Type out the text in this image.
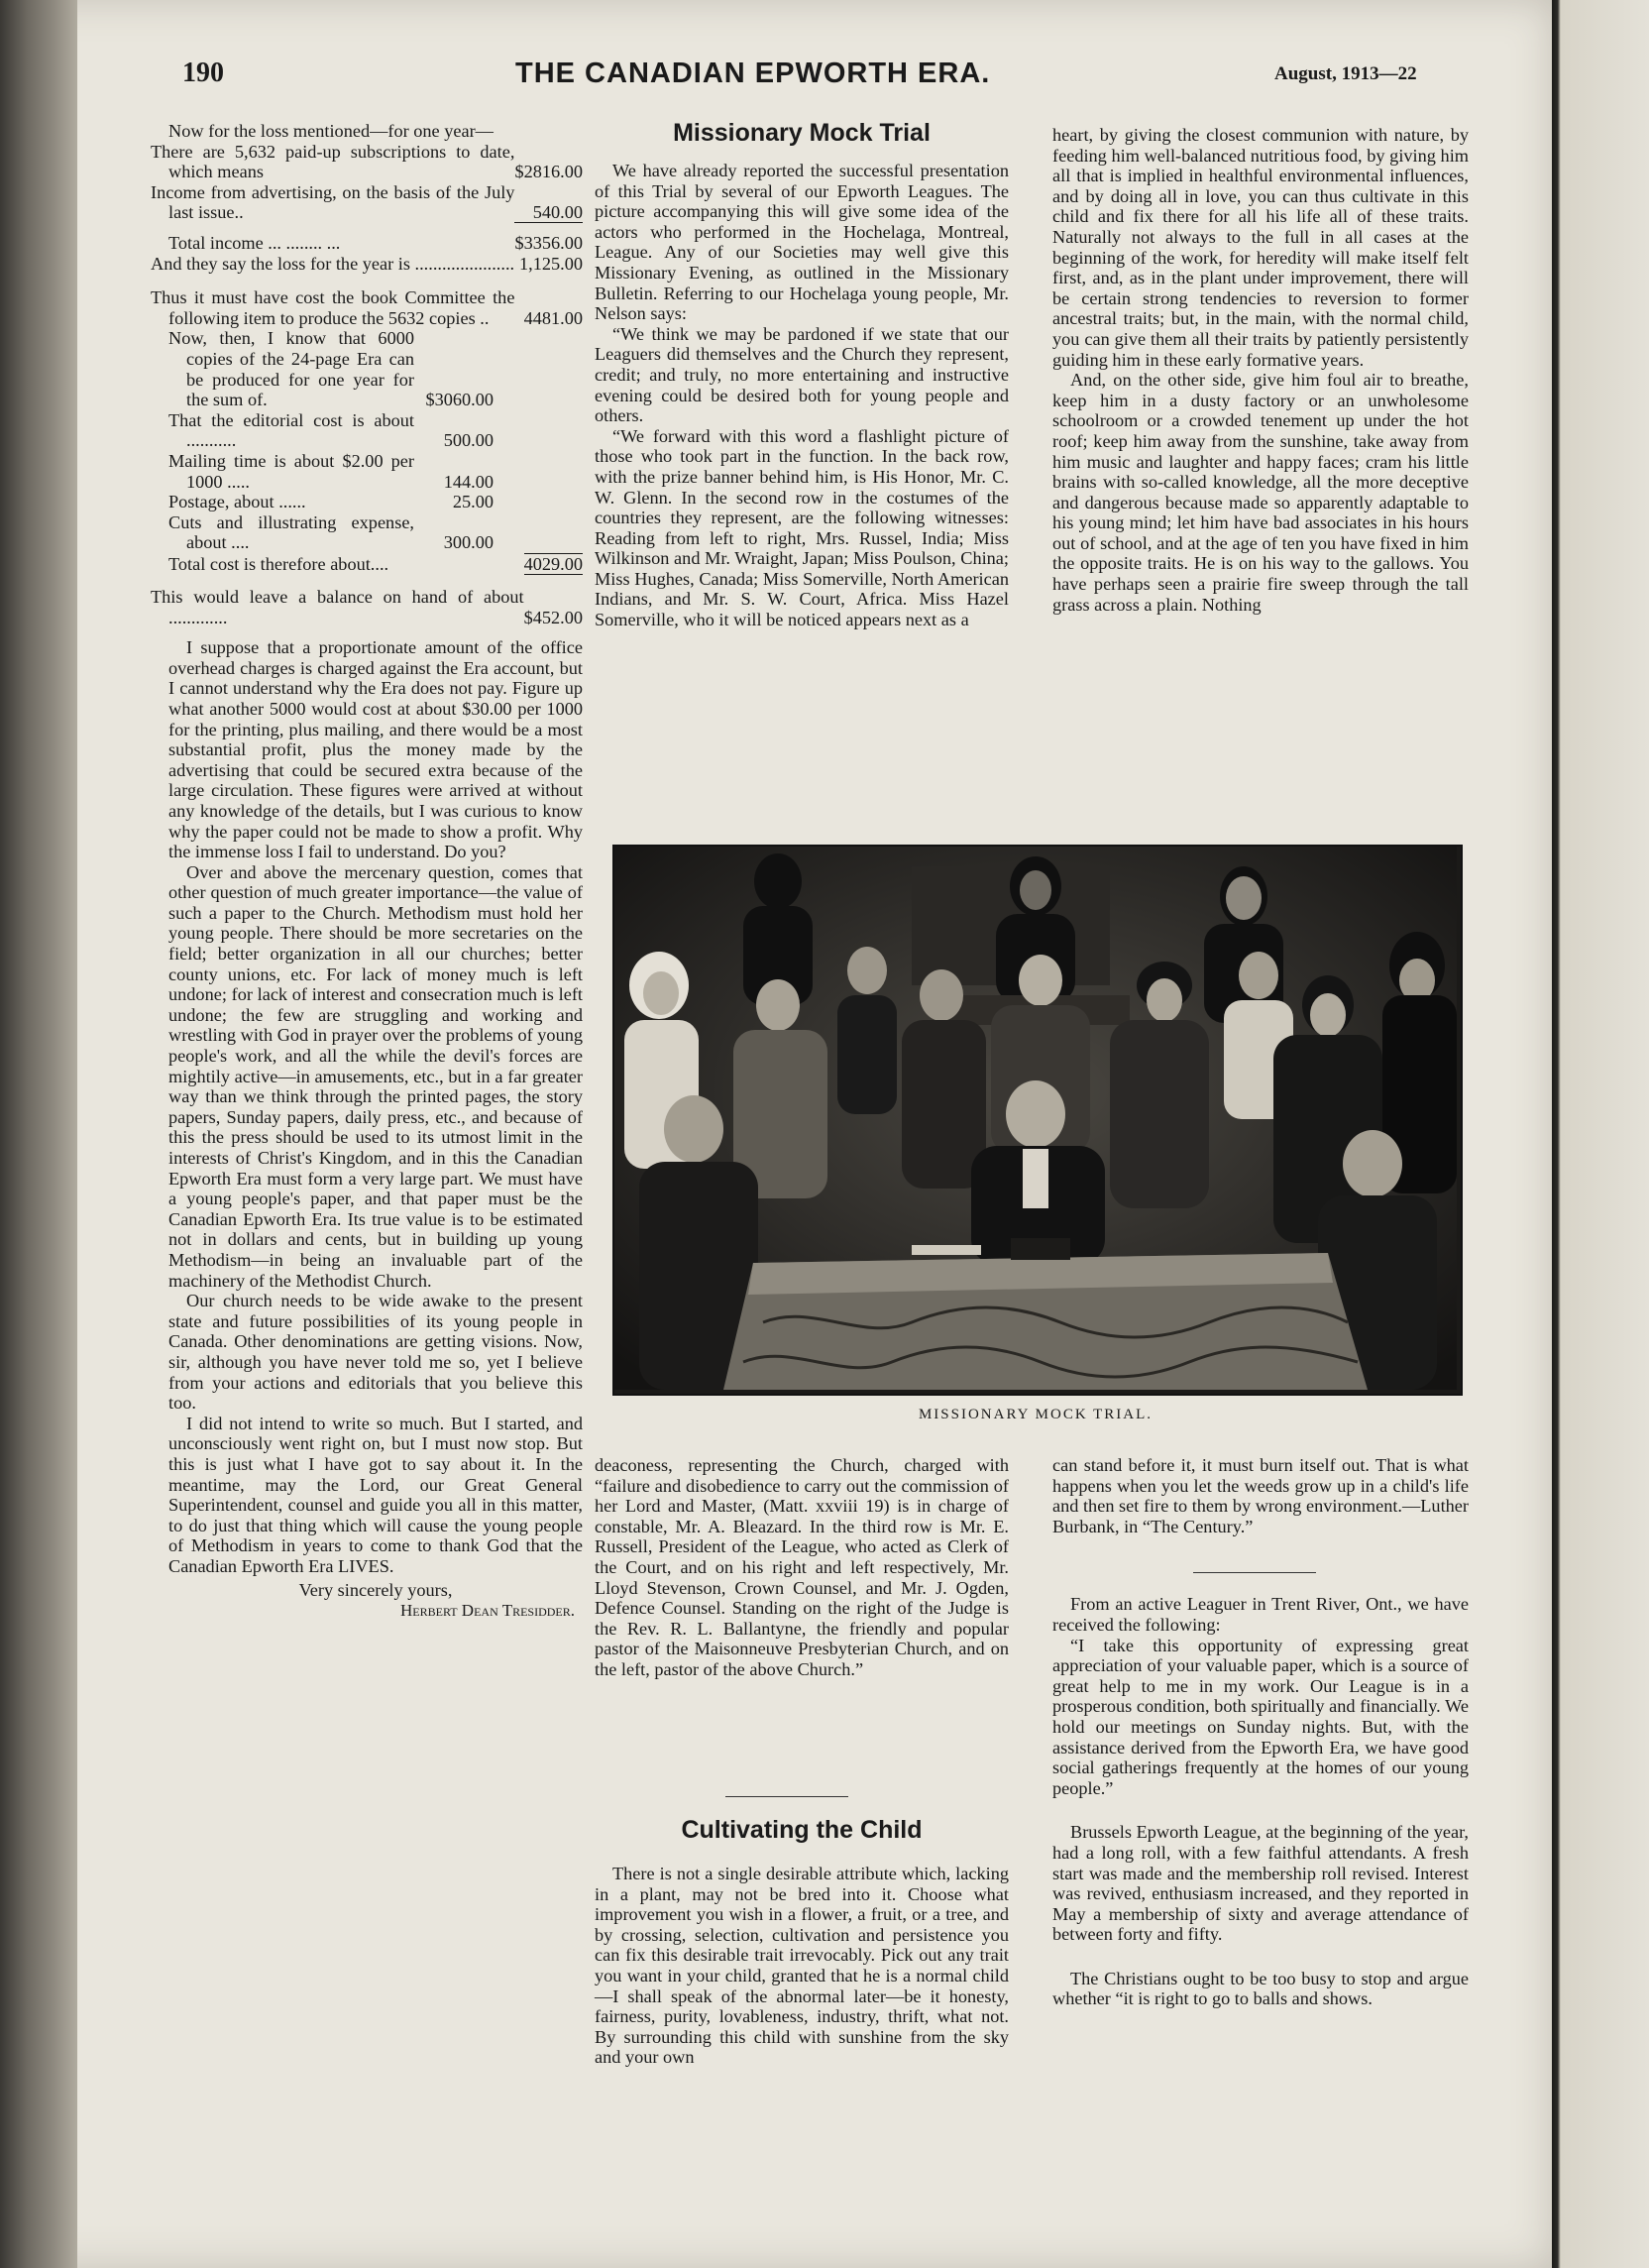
190	THE CANADIAN EPWORTH ERA.	August, 1913—22

Now for the loss mentioned—for one year—

There are 5,632 paid-up subscriptions to date, which means	$2816.00
Income from advertising, on the basis of the July last issue..	540.00
Total income ... ........ ...	$3356.00
And they say the loss for the year is ......................	1,125.00
Thus it must have cost the book Committee the following item to produce the 5632 copies ..	4481.00
Now, then, I know that 6000 copies of the 24-page Era can be produced for one year for the sum of.	$3060.00
That the editorial cost is about ...........	500.00
Mailing time is about $2.00 per 1000 .....	144.00
Postage, about ......	25.00
Cuts and illustrating expense, about ....	300.00
Total cost is therefore about....	4029.00
This would leave a balance on hand of about .............	$452.00

I suppose that a proportionate amount of the office overhead charges is charged against the Era account, but I cannot understand why the Era does not pay. Figure up what another 5000 would cost at about $30.00 per 1000 for the printing, plus mailing, and there would be a most substantial profit, plus the money made by the advertising that could be secured extra because of the large circulation. These figures were arrived at without any knowledge of the details, but I was curious to know why the paper could not be made to show a profit. Why the immense loss I fail to understand. Do you?

Over and above the mercenary question, comes that other question of much greater importance—the value of such a paper to the Church. Methodism must hold her young people. There should be more secretaries on the field; better organization in all our churches; better county unions, etc. For lack of money much is left undone; for lack of interest and consecration much is left undone; the few are struggling and working and wrestling with God in prayer over the problems of young people's work, and all the while the devil's forces are mightily active—in amusements, etc., but in a far greater way than we think through the printed pages, the story papers, Sunday papers, daily press, etc., and because of this the press should be used to its utmost limit in the interests of Christ's Kingdom, and in this the Canadian Epworth Era must form a very large part. We must have a young people's paper, and that paper must be the Canadian Epworth Era. Its true value is to be estimated not in dollars and cents, but in building up young Methodism—in being an invaluable part of the machinery of the Methodist Church.

Our church needs to be wide awake to the present state and future possibilities of its young people in Canada. Other denominations are getting visions. Now, sir, although you have never told me so, yet I believe from your actions and editorials that you believe this too.

I did not intend to write so much. But I started, and unconsciously went right on, but I must now stop. But this is just what I have got to say about it. In the meantime, may the Lord, our Great General Superintendent, counsel and guide you all in this matter, to do just that thing which will cause the young people of Methodism in years to come to thank God that the Canadian Epworth Era LIVES.

Very sincerely yours,
Herbert Dean Tresidder.
Missionary Mock Trial

We have already reported the successful presentation of this Trial by several of our Epworth Leagues. The picture accompanying this will give some idea of the actors who performed in the Hochelaga, Montreal, League. Any of our Societies may well give this Missionary Evening, as outlined in the Missionary Bulletin. Referring to our Hochelaga young people, Mr. Nelson says:

“We think we may be pardoned if we state that our Leaguers did themselves and the Church they represent, credit; and truly, no more entertaining and instructive evening could be desired both for young people and others.

“We forward with this word a flashlight picture of those who took part in the function. In the back row, with the prize banner behind him, is His Honor, Mr. C. W. Glenn. In the second row in the costumes of the countries they represent, are the following witnesses: Reading from left to right, Mrs. Russel, India; Miss Wilkinson and Mr. Wraight, Japan; Miss Poulson, China; Miss Hughes, Canada; Miss Somerville, North American Indians, and Mr. S. W. Court, Africa. Miss Hazel Somerville, who it will be noticed appears next as a

heart, by giving the closest communion with nature, by feeding him well-balanced nutritious food, by giving him all that is implied in healthful environmental influences, and by doing all in love, you can thus cultivate in this child and fix there for all his life all of these traits. Naturally not always to the full in all cases at the beginning of the work, for heredity will make itself felt first, and, as in the plant under improvement, there will be certain strong tendencies to reversion to former ancestral traits; but, in the main, with the normal child, you can give them all their traits by patiently persistently guiding him in these early formative years.

And, on the other side, give him foul air to breathe, keep him in a dusty factory or an unwholesome schoolroom or a crowded tenement up under the hot roof; keep him away from the sunshine, take away from him music and laughter and happy faces; cram his little brains with so-called knowledge, all the more deceptive and dangerous because made so apparently adaptable to his young mind; let him have bad associates in his hours out of school, and at the age of ten you have fixed in him the opposite traits. He is on his way to the gallows. You have perhaps seen a prairie fire sweep through the tall grass across a plain. Nothing

MISSIONARY MOCK TRIAL.

deaconess, representing the Church, charged with “failure and disobedience to carry out the commission of her Lord and Master, (Matt. xxviii 19) is in charge of constable, Mr. A. Bleazard. In the third row is Mr. E. Russell, President of the League, who acted as Clerk of the Court, and on his right and left respectively, Mr. Lloyd Stevenson, Crown Counsel, and Mr. J. Ogden, Defence Counsel. Standing on the right of the Judge is the Rev. R. L. Ballantyne, the friendly and popular pastor of the Maisonneuve Presbyterian Church, and on the left, pastor of the above Church.”

Cultivating the Child

There is not a single desirable attribute which, lacking in a plant, may not be bred into it. Choose what improvement you wish in a flower, a fruit, or a tree, and by crossing, selection, cultivation and persistence you can fix this desirable trait irrevocably. Pick out any trait you want in your child, granted that he is a normal child—I shall speak of the abnormal later—be it honesty, fairness, purity, lovableness, industry, thrift, what not. By surrounding this child with sunshine from the sky and your own

can stand before it, it must burn itself out. That is what happens when you let the weeds grow up in a child's life and then set fire to them by wrong environment.—Luther Burbank, in “The Century.”

From an active Leaguer in Trent River, Ont., we have received the following:

“I take this opportunity of expressing great appreciation of your valuable paper, which is a source of great help to me in my work. Our League is in a prosperous condition, both spiritually and financially. We hold our meetings on Sunday nights. But, with the assistance derived from the Epworth Era, we have good social gatherings frequently at the homes of our young people.”

Brussels Epworth League, at the beginning of the year, had a long roll, with a few faithful attendants. A fresh start was made and the membership roll revised. Interest was revived, enthusiasm increased, and they reported in May a membership of sixty and average attendance of between forty and fifty.

The Christians ought to be too busy to stop and argue whether “it is right to go to balls and shows.
